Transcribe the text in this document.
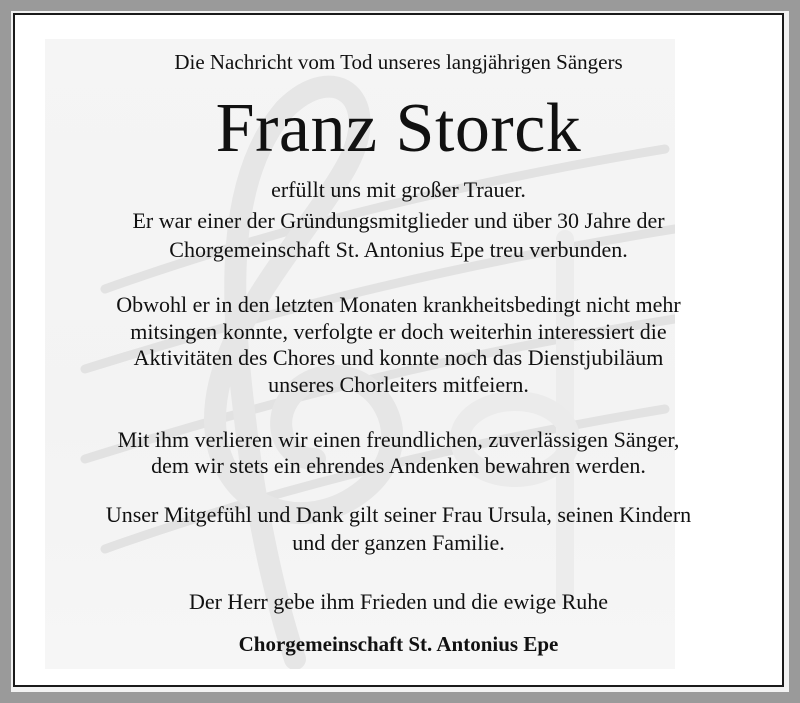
Die Nachricht vom Tod unseres langjährigen Sängers
Franz Storck
erfüllt uns mit großer Trauer.
Er war einer der Gründungsmitglieder und über 30 Jahre der
Chorgemeinschaft St. Antonius Epe treu verbunden.
Obwohl er in den letzten Monaten krankheitsbedingt nicht mehr
mitsingen konnte, verfolgte er doch weiterhin interessiert die
Aktivitäten des Chores und konnte noch das Dienstjubiläum
unseres Chorleiters mitfeiern.
Mit ihm verlieren wir einen freundlichen, zuverlässigen Sänger,
dem wir stets ein ehrendes Andenken bewahren werden.
Unser Mitgefühl und Dank gilt seiner Frau Ursula, seinen Kindern
und der ganzen Familie.
Der Herr gebe ihm Frieden und die ewige Ruhe
Chorgemeinschaft St. Antonius Epe
